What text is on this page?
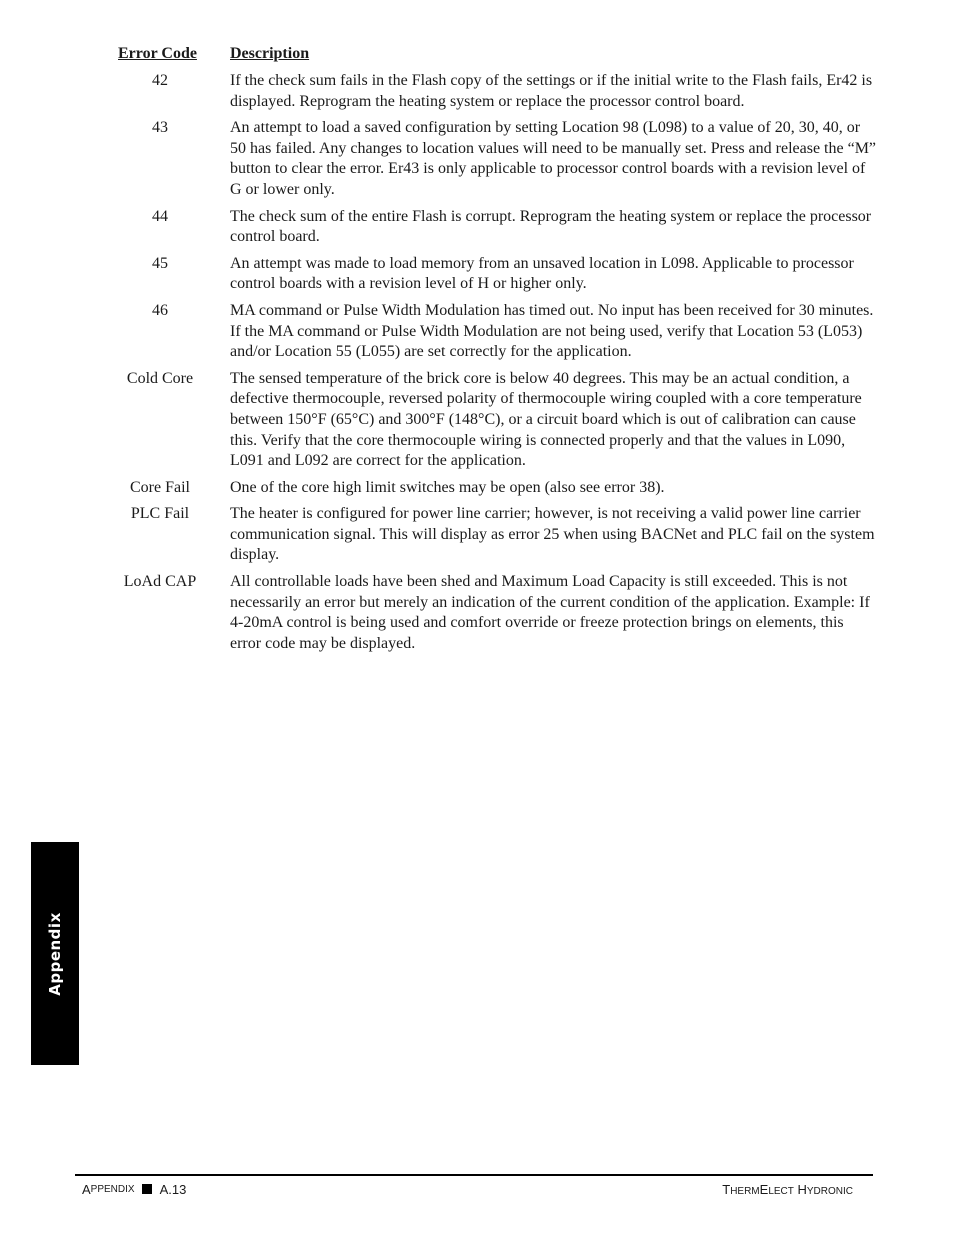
Error Code Description
42	If the check sum fails in the Flash copy of the settings or if the initial write to the Flash fails, Er42 is displayed. Reprogram the heating system or replace the processor control board.
43	An attempt to load a saved configuration by setting Location 98 (L098) to a value of 20, 30, 40, or 50 has failed. Any changes to location values will need to be manually set. Press and release the “M” button to clear the error. Er43 is only applicable to processor control boards with a revision level of G or lower only.
44	The check sum of the entire Flash is corrupt. Reprogram the heating system or replace the processor control board.
45	An attempt was made to load memory from an unsaved location in L098. Applicable to processor control boards with a revision level of H or higher only.
46	MA command or Pulse Width Modulation has timed out. No input has been received for 30 minutes. If the MA command or Pulse Width Modulation are not being used, verify that Location 53 (L053) and/or Location 55 (L055) are set correctly for the application.
Cold Core	The sensed temperature of the brick core is below 40 degrees. This may be an actual condition, a defective thermocouple, reversed polarity of thermocouple wiring coupled with a core temperature between 150°F (65°C) and 300°F (148°C), or a circuit board which is out of calibration can cause this. Verify that the core thermocouple wiring is connected properly and that the values in L090, L091 and L092 are correct for the application.
Core Fail	One of the core high limit switches may be open (also see error 38).
PLC Fail	The heater is configured for power line carrier; however, is not receiving a valid power line carrier communication signal. This will display as error 25 when using BACNet and PLC fail on the system display.
LoAd CAP	All controllable loads have been shed and Maximum Load Capacity is still exceeded. This is not necessarily an error but merely an indication of the current condition of the application. Example: If 4-20mA control is being used and comfort override or freeze protection brings on elements, this error code may be displayed.
Appendix
A PPENDIX A.13	THERMELECT HYDRONIC
